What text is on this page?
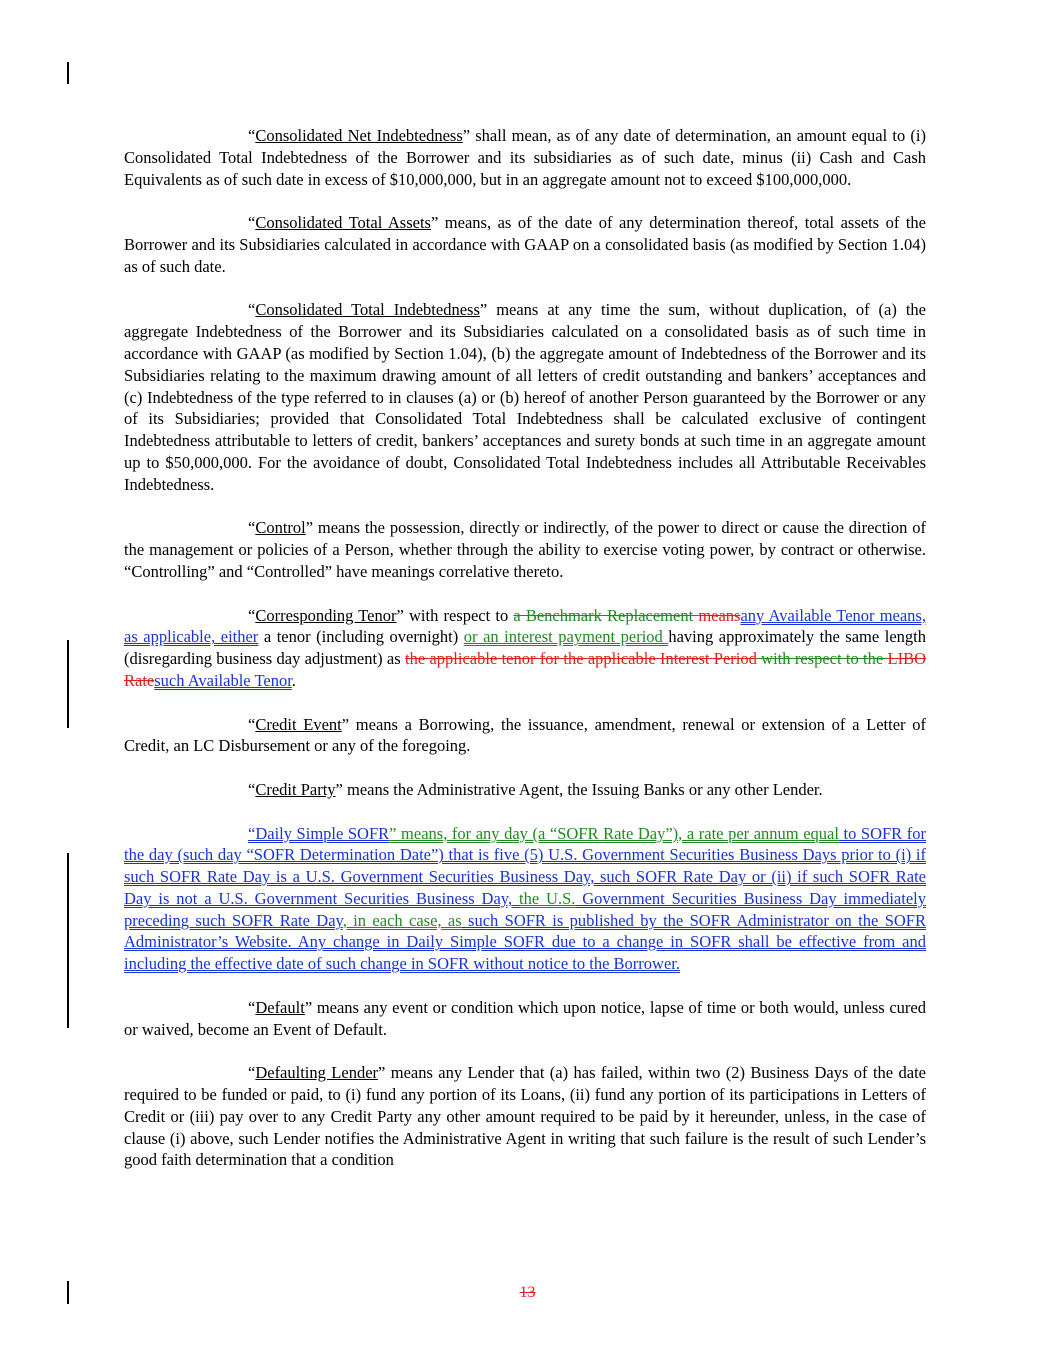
“Consolidated Net Indebtedness” shall mean, as of any date of determination, an amount equal to (i) Consolidated Total Indebtedness of the Borrower and its subsidiaries as of such date, minus (ii) Cash and Cash Equivalents as of such date in excess of $10,000,000, but in an aggregate amount not to exceed $100,000,000.

“Consolidated Total Assets” means, as of the date of any determination thereof, total assets of the Borrower and its Subsidiaries calculated in accordance with GAAP on a consolidated basis (as modified by Section 1.04) as of such date.

“Consolidated Total Indebtedness” means at any time the sum, without duplication, of (a) the aggregate Indebtedness of the Borrower and its Subsidiaries calculated on a consolidated basis as of such time in accordance with GAAP (as modified by Section 1.04), (b) the aggregate amount of Indebtedness of the Borrower and its Subsidiaries relating to the maximum drawing amount of all letters of credit outstanding and bankers’ acceptances and (c) Indebtedness of the type referred to in clauses (a) or (b) hereof of another Person guaranteed by the Borrower or any of its Subsidiaries; provided that Consolidated Total Indebtedness shall be calculated exclusive of contingent Indebtedness attributable to letters of credit, bankers’ acceptances and surety bonds at such time in an aggregate amount up to $50,000,000. For the avoidance of doubt, Consolidated Total Indebtedness includes all Attributable Receivables Indebtedness.

“Control” means the possession, directly or indirectly, of the power to direct or cause the direction of the management or policies of a Person, whether through the ability to exercise voting power, by contract or otherwise. “Controlling” and “Controlled” have meanings correlative thereto.

“Corresponding Tenor” with respect to a Benchmark Replacement meansany Available Tenor means, as applicable, either a tenor (including overnight) or an interest payment period having approximately the same length (disregarding business day adjustment) as the applicable tenor for the applicable Interest Period with respect to the LIBO Ratesuch Available Tenor.

“Credit Event” means a Borrowing, the issuance, amendment, renewal or extension of a Letter of Credit, an LC Disbursement or any of the foregoing.

“Credit Party” means the Administrative Agent, the Issuing Banks or any other Lender.

“Daily Simple SOFR” means, for any day (a “SOFR Rate Day”), a rate per annum equal to SOFR for the day (such day “SOFR Determination Date”) that is five (5) U.S. Government Securities Business Days prior to (i) if such SOFR Rate Day is a U.S. Government Securities Business Day, such SOFR Rate Day or (ii) if such SOFR Rate Day is not a U.S. Government Securities Business Day, the U.S. Government Securities Business Day immediately preceding such SOFR Rate Day, in each case, as such SOFR is published by the SOFR Administrator on the SOFR Administrator’s Website. Any change in Daily Simple SOFR due to a change in SOFR shall be effective from and including the effective date of such change in SOFR without notice to the Borrower.

“Default” means any event or condition which upon notice, lapse of time or both would, unless cured or waived, become an Event of Default.

“Defaulting Lender” means any Lender that (a) has failed, within two (2) Business Days of the date required to be funded or paid, to (i) fund any portion of its Loans, (ii) fund any portion of its participations in Letters of Credit or (iii) pay over to any Credit Party any other amount required to be paid by it hereunder, unless, in the case of clause (i) above, such Lender notifies the Administrative Agent in writing that such failure is the result of such Lender’s good faith determination that a condition

13
